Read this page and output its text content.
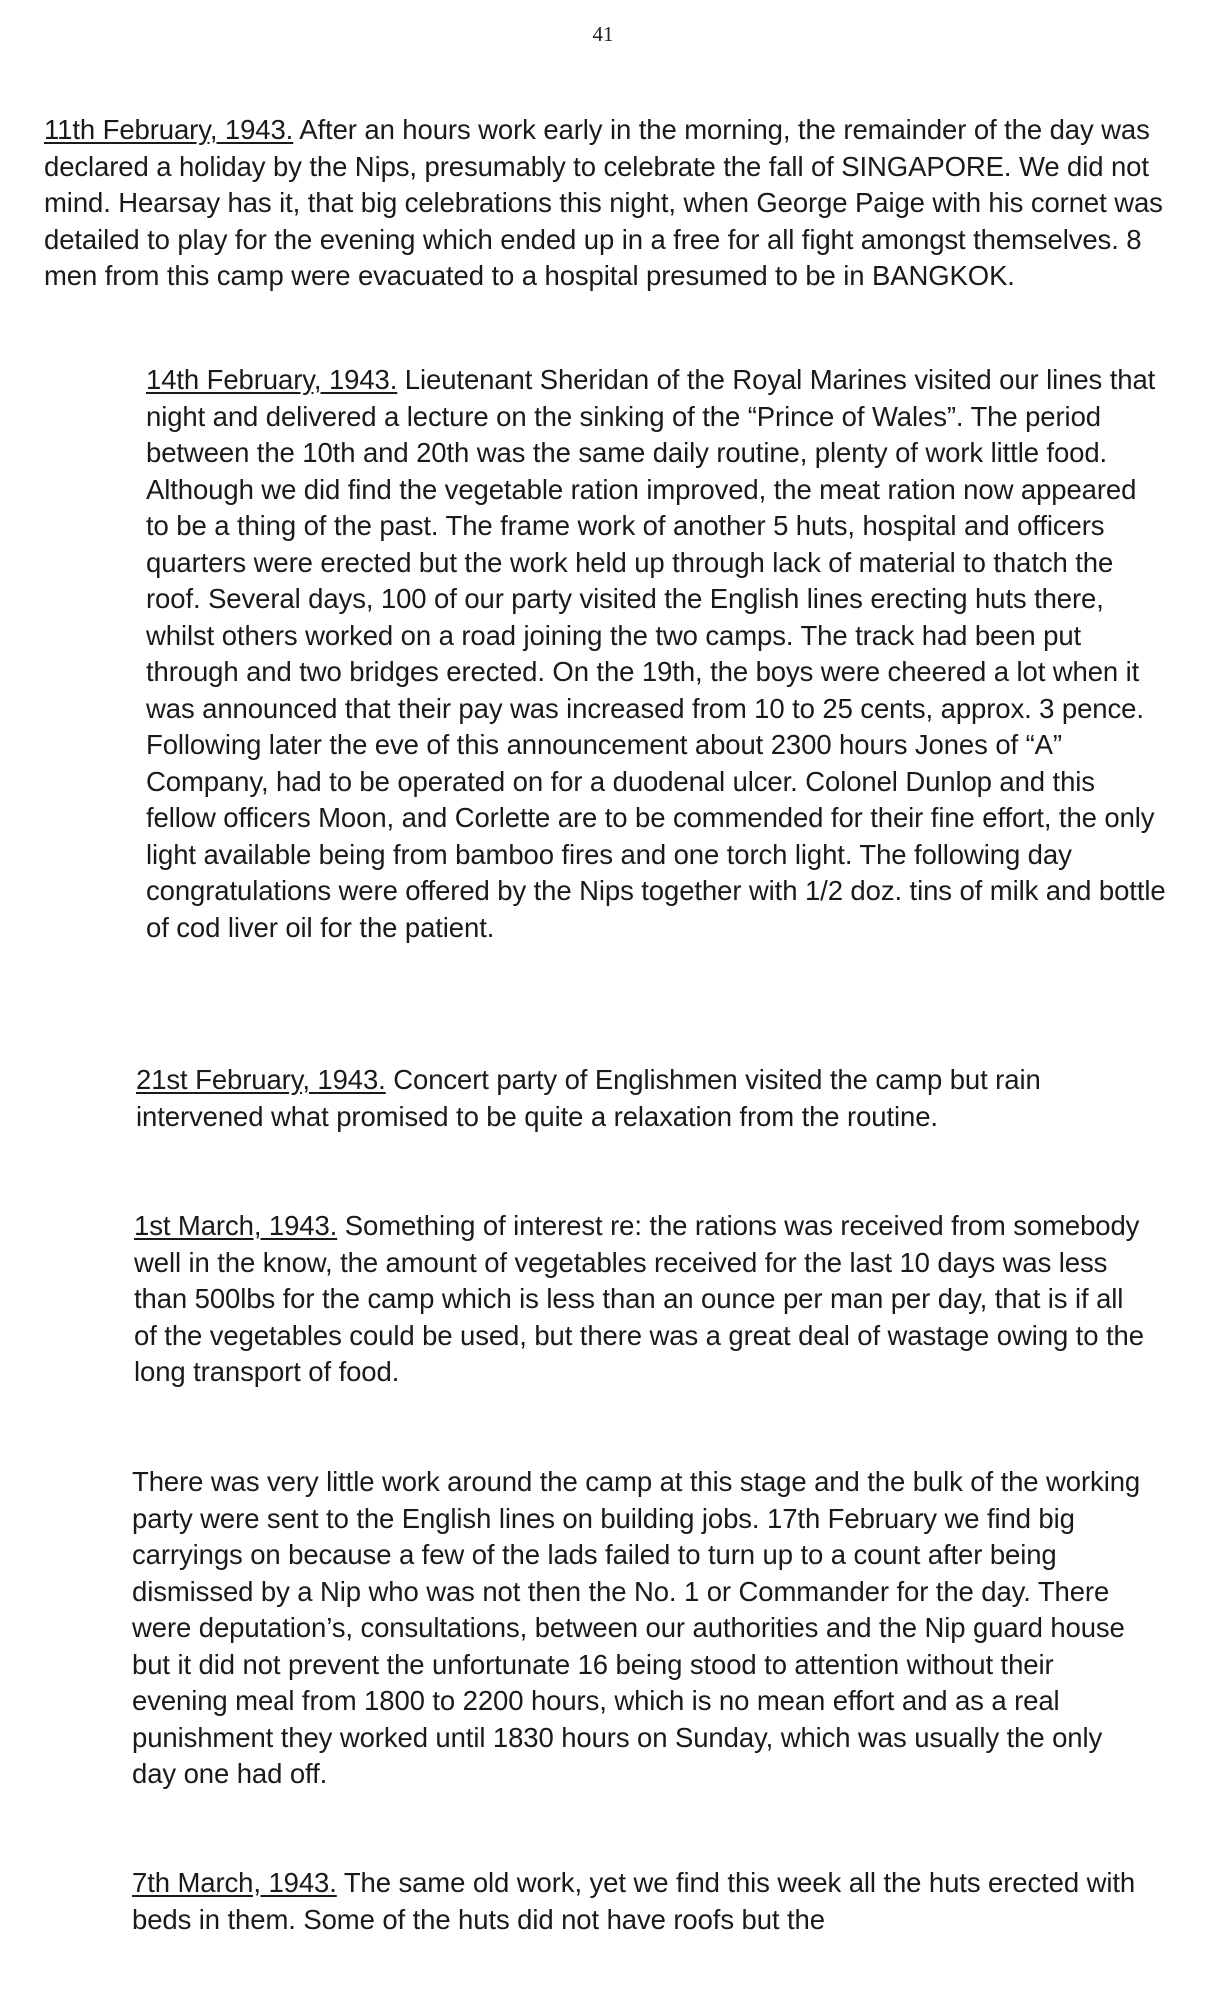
41

11th February, 1943. After an hours work early in the morning, the remainder of the day was declared a holiday by the Nips, presumably to celebrate the fall of SINGAPORE. We did not mind. Hearsay has it, that big celebrations this night, when George Paige with his cornet was detailed to play for the evening which ended up in a free for all fight amongst themselves. 8 men from this camp were evacuated to a hospital presumed to be in BANGKOK.

14th February, 1943. Lieutenant Sheridan of the Royal Marines visited our lines that night and delivered a lecture on the sinking of the “Prince of Wales”. The period between the 10th and 20th was the same daily routine, plenty of work little food. Although we did find the vegetable ration improved, the meat ration now appeared to be a thing of the past. The frame work of another 5 huts, hospital and officers quarters were erected but the work held up through lack of material to thatch the roof. Several days, 100 of our party visited the English lines erecting huts there, whilst others worked on a road joining the two camps. The track had been put through and two bridges erected. On the 19th, the boys were cheered a lot when it was announced that their pay was increased from 10 to 25 cents, approx. 3 pence. Following later the eve of this announcement about 2300 hours Jones of “A” Company, had to be operated on for a duodenal ulcer. Colonel Dunlop and this fellow officers Moon, and Corlette are to be commended for their fine effort, the only light available being from bamboo fires and one torch light. The following day congratulations were offered by the Nips together with 1/2 doz. tins of milk and bottle of cod liver oil for the patient.

21st February, 1943. Concert party of Englishmen visited the camp but rain intervened what promised to be quite a relaxation from the routine.

1st March, 1943. Something of interest re: the rations was received from somebody well in the know, the amount of vegetables received for the last 10 days was less than 500lbs for the camp which is less than an ounce per man per day, that is if all of the vegetables could be used, but there was a great deal of wastage owing to the long transport of food.

There was very little work around the camp at this stage and the bulk of the working party were sent to the English lines on building jobs. 17th February we find big carryings on because a few of the lads failed to turn up to a count after being dismissed by a Nip who was not then the No. 1 or Commander for the day. There were deputation’s, consultations, between our authorities and the Nip guard house but it did not prevent the unfortunate 16 being stood to attention without their evening meal from 1800 to 2200 hours, which is no mean effort and as a real punishment they worked until 1830 hours on Sunday, which was usually the only day one had off.

7th March, 1943. The same old work, yet we find this week all the huts erected with beds in them. Some of the huts did not have roofs but the
